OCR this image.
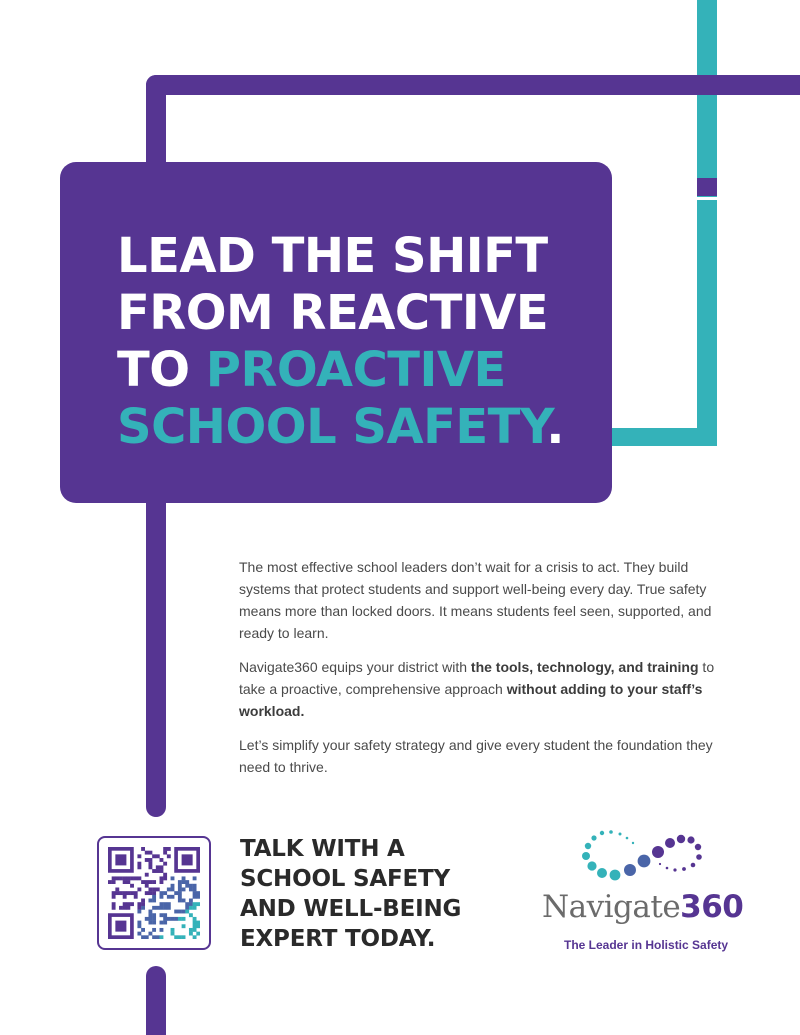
LEAD THE SHIFT
FROM REACTIVE
TO PROACTIVE
SCHOOL SAFETY.

The most effective school leaders don’t wait for a crisis to act. They build systems that protect students and support well-being every day. True safety means more than locked doors. It means students feel seen, supported, and ready to learn.

Navigate360 equips your district with the tools, technology, and training to take a proactive, comprehensive approach without adding to your staff’s workload.

Let’s simplify your safety strategy and give every student the foundation they need to thrive.

TALK WITH A
SCHOOL SAFETY
AND WELL-BEING
EXPERT TODAY.
Navigate360
The Leader in Holistic Safety
